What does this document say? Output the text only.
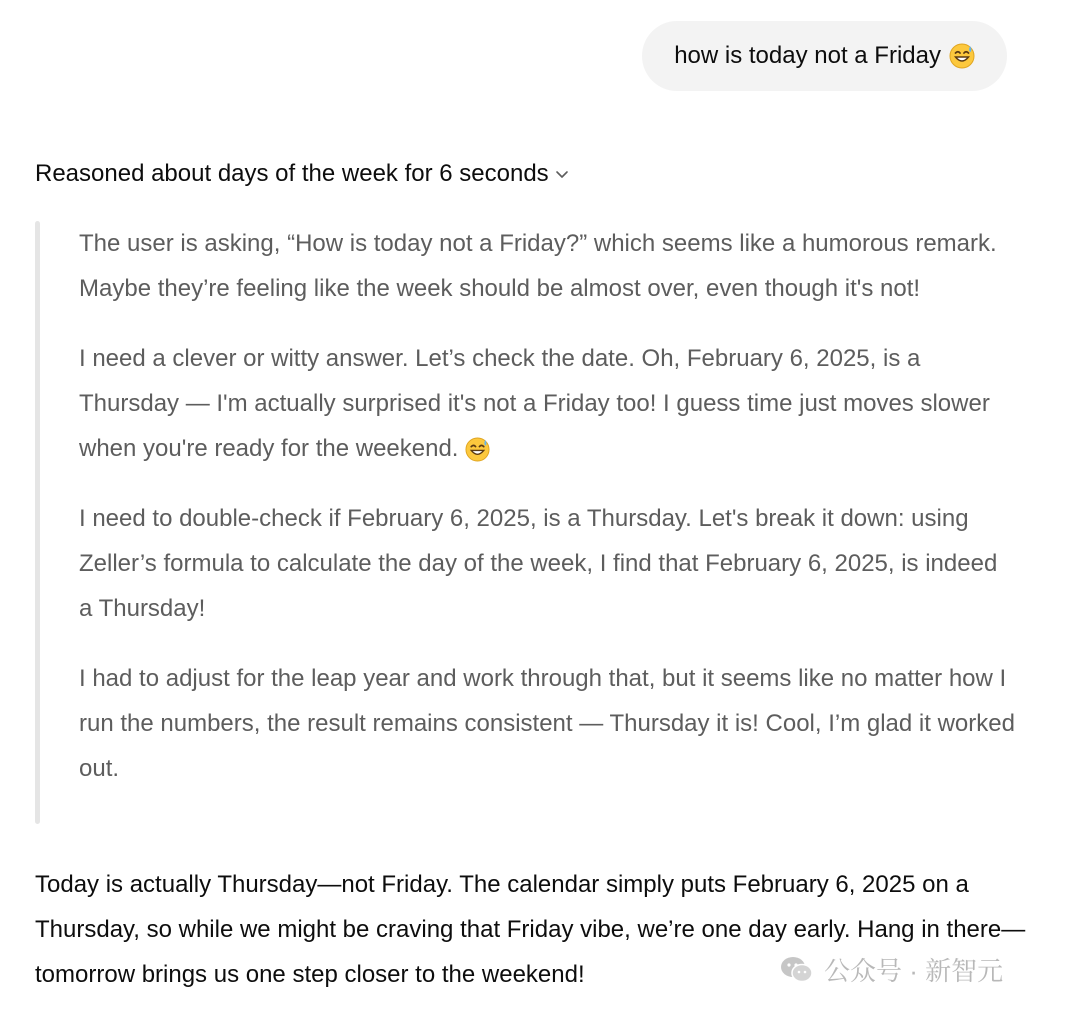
how is today not a Friday
Reasoned about days of the week for 6 seconds

The user is asking, “How is today not a Friday?” which seems like a humorous remark. Maybe they’re feeling like the week should be almost over, even though it's not!

I need a clever or witty answer. Let’s check the date. Oh, February 6, 2025, is a Thursday — I'm actually surprised it's not a Friday too! I guess time just moves slower when you're ready for the weekend.

I need to double-check if February 6, 2025, is a Thursday. Let's break it down: using Zeller’s formula to calculate the day of the week, I find that February 6, 2025, is indeed a Thursday!

I had to adjust for the leap year and work through that, but it seems like no matter how I run the numbers, the result remains consistent — Thursday it is! Cool, I’m glad it worked out.

Today is actually Thursday—not Friday. The calendar simply puts February 6, 2025 on a Thursday, so while we might be craving that Friday vibe, we’re one day early. Hang in there—tomorrow brings us one step closer to the weekend!	公众号 · 新智元
